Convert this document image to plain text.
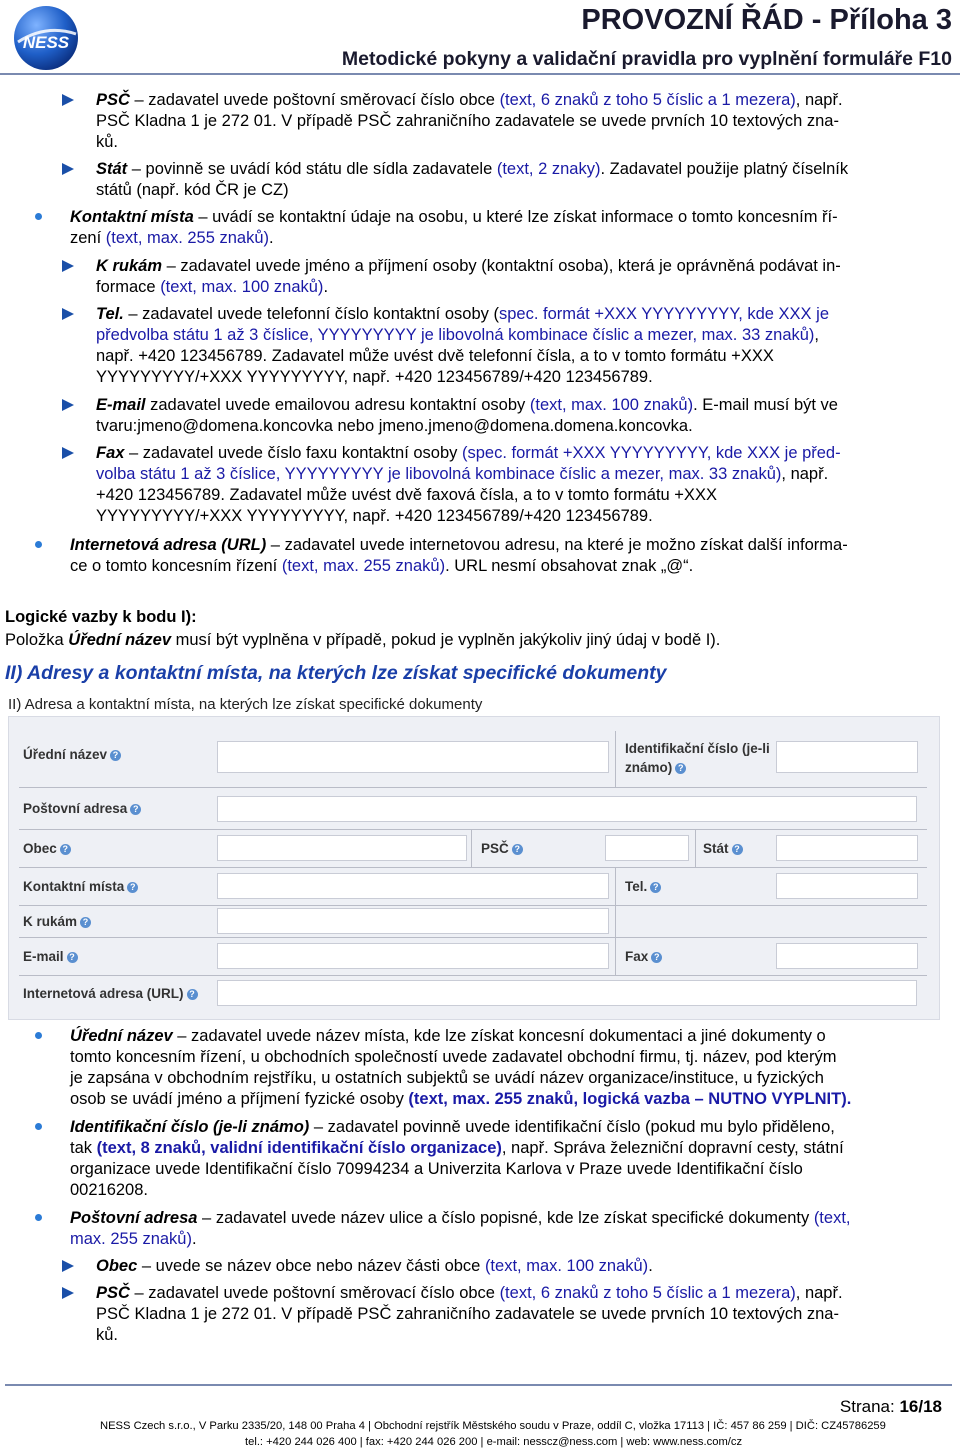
NESS
PROVOZNÍ ŘÁD - Příloha 3
Metodické pokyny a validační pravidla pro vyplnění formuláře F10
PSČ – zadavatel uvede poštovní směrovací číslo obce (text, 6 znaků z toho 5 číslic a 1 mezera), např.
PSČ Kladna 1 je 272 01. V případě PSČ zahraničního zadavatele se uvede prvních 10 textových zna-
ků.
Stát – povinně se uvádí kód státu dle sídla zadavatele (text, 2 znaky). Zadavatel použije platný číselník
států (např. kód ČR je CZ)
Kontaktní místa – uvádí se kontaktní údaje na osobu, u které lze získat informace o tomto koncesním ří-
zení (text, max. 255 znaků).
K rukám – zadavatel uvede jméno a příjmení osoby (kontaktní osoba), která je oprávněná podávat in-
formace (text, max. 100 znaků).
Tel. – zadavatel uvede telefonní číslo kontaktní osoby (spec. formát +XXX YYYYYYYYY, kde XXX je
předvolba státu 1 až 3 číslice, YYYYYYYYY je libovolná kombinace číslic a mezer, max. 33 znaků),
např. +420 123456789. Zadavatel může uvést dvě telefonní čísla, a to v tomto formátu +XXX
YYYYYYYYY/+XXX YYYYYYYYY, např. +420 123456789/+420 123456789.
E-mail zadavatel uvede emailovou adresu kontaktní osoby (text, max. 100 znaků). E-mail musí být ve
tvaru:jmeno@domena.koncovka nebo jmeno.jmeno@domena.domena.koncovka.
Fax – zadavatel uvede číslo faxu kontaktní osoby (spec. formát +XXX YYYYYYYYY, kde XXX je před-
volba státu 1 až 3 číslice, YYYYYYYYY je libovolná kombinace číslic a mezer, max. 33 znaků), např.
+420 123456789. Zadavatel může uvést dvě faxová čísla, a to v tomto formátu +XXX
YYYYYYYYY/+XXX YYYYYYYYY, např. +420 123456789/+420 123456789.
Internetová adresa (URL) – zadavatel uvede internetovou adresu, na které je možno získat další informa-
ce o tomto koncesním řízení (text, max. 255 znaků). URL nesmí obsahovat znak „@“.
Logické vazby k bodu I):
Položka Úřední název musí být vyplněna v případě, pokud je vyplněn jakýkoliv jiný údaj v bodě I).
II) Adresy a kontaktní místa, na kterých lze získat specifické dokumenty
II) Adresa a kontaktní místa, na kterých lze získat specifické dokumenty
Úřední název ?	Identifikační číslo (je-li
známo) ?
Poštovní adresa ?
Obec ?	PSČ ?	Stát ?
Kontaktní místa ?	Tel. ?
K rukám ?
E-mail ?	Fax ?
Internetová adresa (URL) ?
Úřední název – zadavatel uvede název místa, kde lze získat koncesní dokumentaci a jiné dokumenty o
tomto koncesním řízení, u obchodních společností uvede zadavatel obchodní firmu, tj. název, pod kterým
je zapsána v obchodním rejstříku, u ostatních subjektů se uvádí název organizace/instituce, u fyzických
osob se uvádí jméno a příjmení fyzické osoby (text, max. 255 znaků, logická vazba – NUTNO VYPLNIT).
Identifikační číslo (je-li známo) – zadavatel povinně uvede identifikační číslo (pokud mu bylo přiděleno,
tak (text, 8 znaků, validní identifikační číslo organizace), např. Správa železniční dopravní cesty, státní
organizace uvede Identifikační číslo 70994234 a Univerzita Karlova v Praze uvede Identifikační číslo
00216208.
Poštovní adresa – zadavatel uvede název ulice a číslo popisné, kde lze získat specifické dokumenty (text,
max. 255 znaků).
Obec – uvede se název obce nebo název části obce (text, max. 100 znaků).
PSČ – zadavatel uvede poštovní směrovací číslo obce (text, 6 znaků z toho 5 číslic a 1 mezera), např.
PSČ Kladna 1 je 272 01. V případě PSČ zahraničního zadavatele se uvede prvních 10 textových zna-
ků.
Strana: 16/18
NESS Czech s.r.o., V Parku 2335/20, 148 00 Praha 4 | Obchodní rejstřík Městského soudu v Praze, oddíl C, vložka 17113 | IČ: 457 86 259 | DIČ: CZ45786259
tel.: +420 244 026 400 | fax: +420 244 026 200 | e-mail: nesscz@ness.com | web: www.ness.com/cz
